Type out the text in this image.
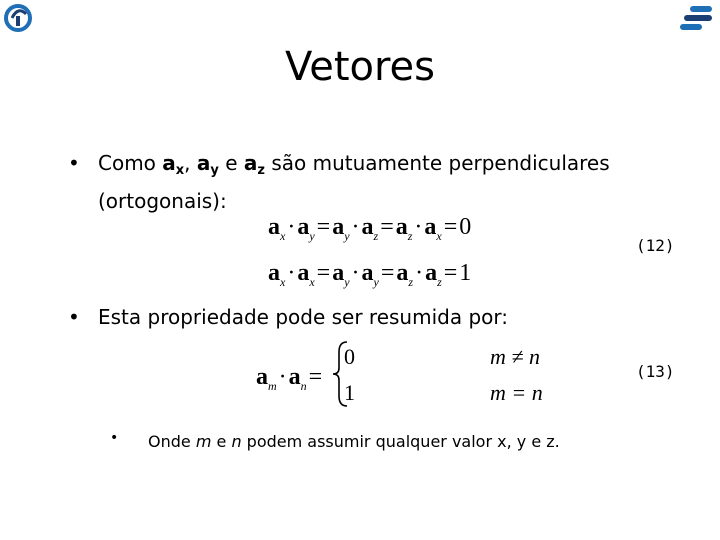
Vetores
• Como $a_x$, $a_y$ e $a_z$ são mutuamente perpendiculares (ortogonais):
$a_x\cdot a_y=a_y\cdot a_z=a_z\cdot a_x=0$
$a_x\cdot a_x=a_y\cdot a_y=a_z\cdot a_z=1$
(12)
• Esta propriedade pode ser resumida por:
$a_m\cdot a_n=$
0
1
m ≠ n
m = n
(13)
• Onde m e n podem assumir qualquer valor x, y e z.
